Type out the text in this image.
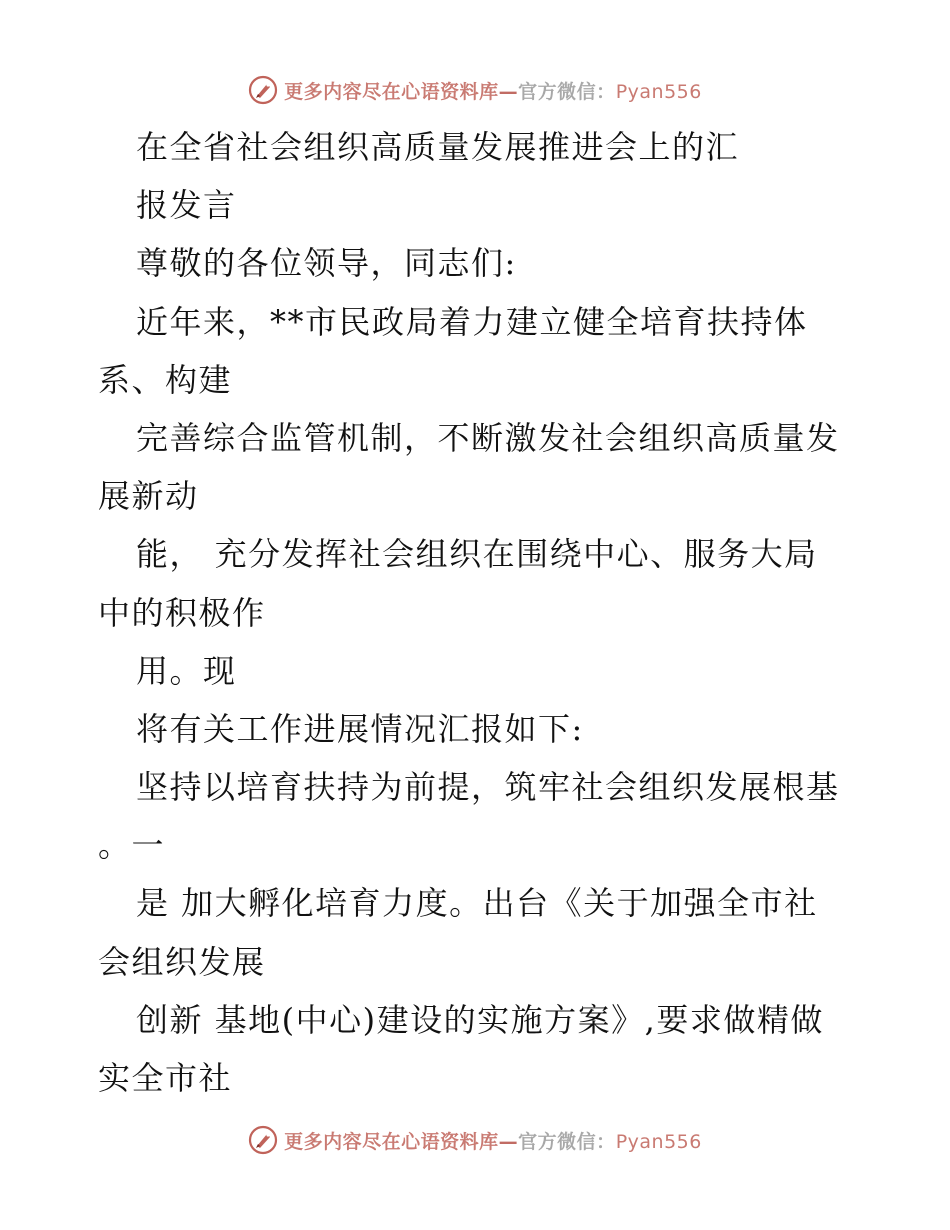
更多内容尽在心语资料库—官方微信：Pyan556
在全省社会组织高质量发展推进会上的汇
报发言
尊敬的各位领导，同志们:
近年来，**市民政局着力建立健全培育扶持体
系、构建
完善综合监管机制，不断激发社会组织高质量发
展新动
能， 充分发挥社会组织在围绕中心、服务大局
中的积极作
用。现
将有关工作进展情况汇报如下:
坚持以培育扶持为前提，筑牢社会组织发展根基
。一
是 加大孵化培育力度。出台《关于加强全市社
会组织发展
创新 基地(中心)建设的实施方案》,要求做精做
实全市社
更多内容尽在心语资料库—官方微信：Pyan556
